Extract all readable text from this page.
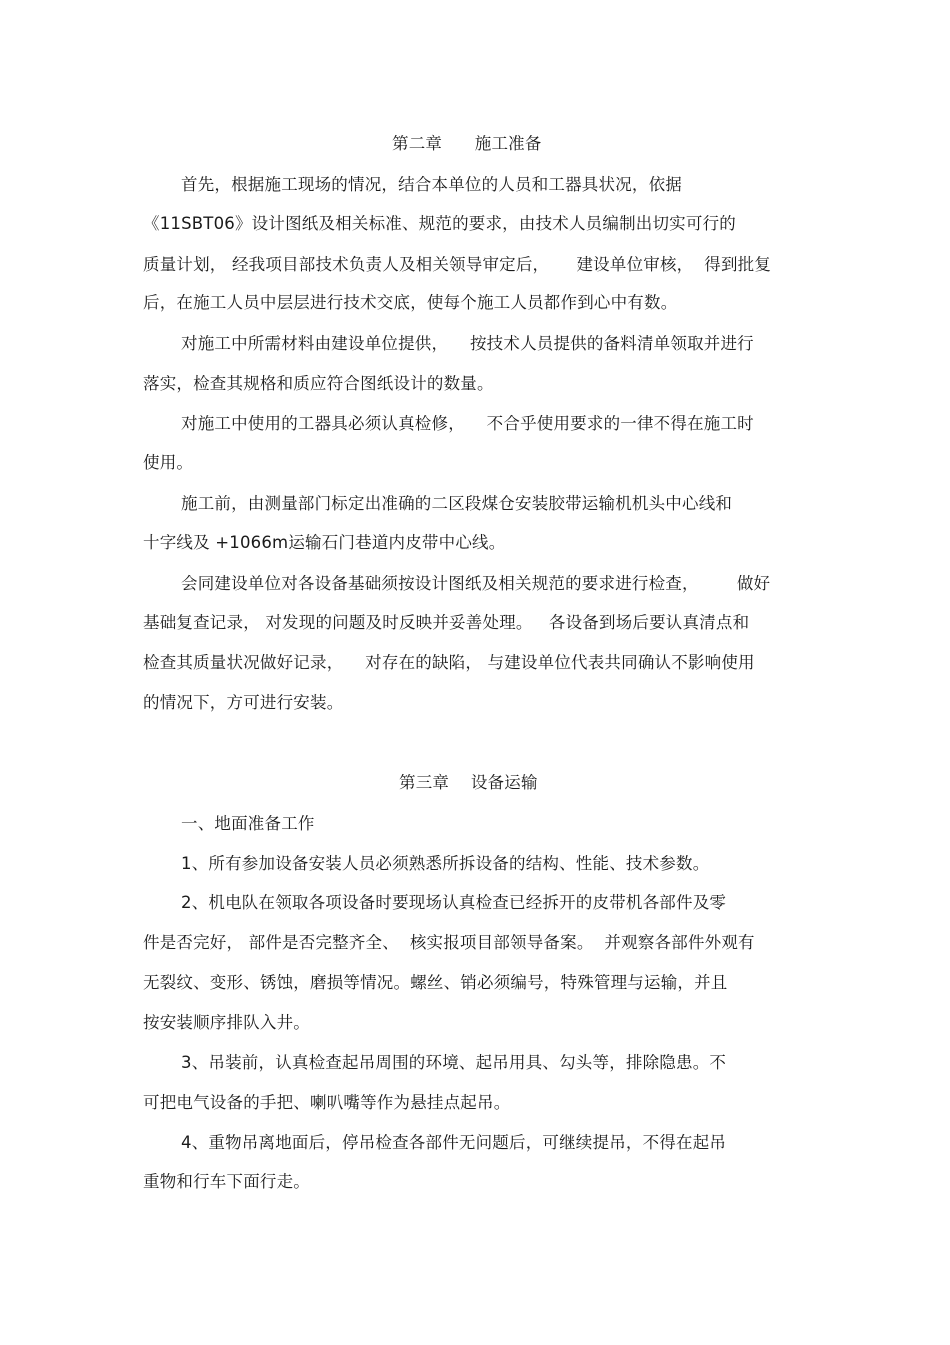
第二章      施工准备
首先，根据施工现场的情况，结合本单位的人员和工器具状况，依据
《11SBT06》设计图纸及相关标准、规范的要求，由技术人员编制出切实可行的
质量计划， 经我项目部技术负责人及相关领导审定后，     建设单位审核，  得到批复
后，在施工人员中层层进行技术交底，使每个施工人员都作到心中有数。
对施工中所需材料由建设单位提供，    按技术人员提供的备料清单领取并进行
落实，检查其规格和质应符合图纸设计的数量。
对施工中使用的工器具必须认真检修，    不合乎使用要求的一律不得在施工时
使用。
施工前，由测量部门标定出准确的二区段煤仓安装胶带运输机机头中心线和
十字线及 +1066m运输石门巷道内皮带中心线。
会同建设单位对各设备基础须按设计图纸及相关规范的要求进行检查，       做好
基础复查记录， 对发现的问题及时反映并妥善处理。   各设备到场后要认真清点和
检查其质量状况做好记录，    对存在的缺陷， 与建设单位代表共同确认不影响使用
的情况下，方可进行安装。
第三章    设备运输
一、地面准备工作
1、所有参加设备安装人员必须熟悉所拆设备的结构、性能、技术参数。
2、机电队在领取各项设备时要现场认真检查已经拆开的皮带机各部件及零
件是否完好， 部件是否完整齐全、  核实报项目部领导备案。  并观察各部件外观有
无裂纹、变形、锈蚀，磨损等情况。螺丝、销必须编号，特殊管理与运输，并且
按安装顺序排队入井。
3、吊装前，认真检查起吊周围的环境、起吊用具、勾头等，排除隐患。不
可把电气设备的手把、喇叭嘴等作为悬挂点起吊。
4、重物吊离地面后，停吊检查各部件无问题后，可继续提吊，不得在起吊
重物和行车下面行走。
